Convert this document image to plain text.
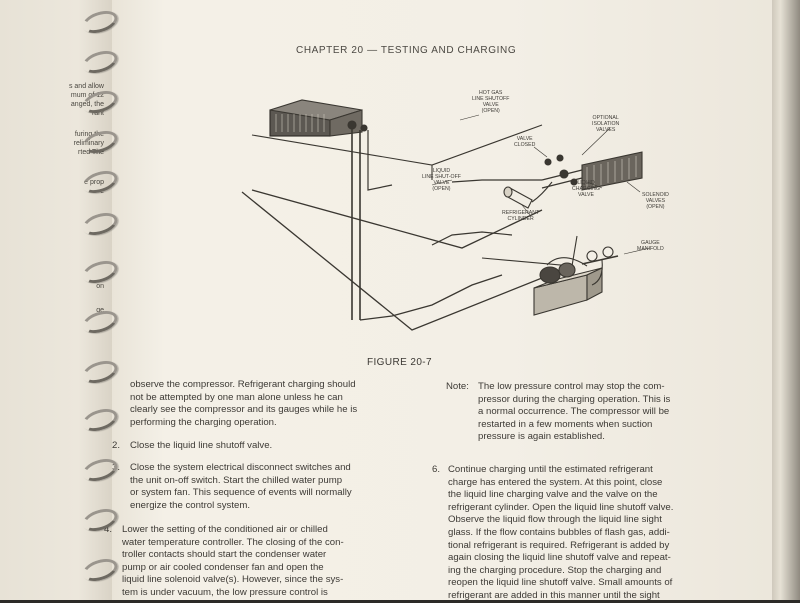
s and allow
mum of 12
anged, the
rant
furing the
reliminary
rted The
e prop
e
on
ge
CHAPTER 20 — TESTING AND CHARGING
HOT GAS
LINE SHUTOFF
VALVE
(OPEN)
OPTIONAL
ISOLATION
VALVES
VALVE
CLOSED
LIQUID
LINE SHUT-OFF
VALVE
(OPEN)
LIQUID
CHARGING
VALVE	SOLENOID
VALVES
(OPEN)
REFRIGERANT
CYLINDER
GAUGE
MANIFOLD
FIGURE 20-7
observe the compressor. Refrigerant charging should
not be attempted by one man alone unless he can
clearly see the compressor and its gauges while he is
performing the charging operation.
2. Close the liquid line shutoff valve.
3. Close the system electrical disconnect switches and
the unit on-off switch. Start the chilled water pump
or system fan. This sequence of events will normally
energize the control system.
4. Lower the setting of the conditioned air or chilled
water temperature controller. The closing of the con-
troller contacts should start the condenser water
pump or air cooled condenser fan and open the
liquid line solenoid valve(s). However, since the sys-
tem is under vacuum, the low pressure control is
Note: The low pressure control may stop the com-
pressor during the charging operation. This is
a normal occurrence. The compressor will be
restarted in a few moments when suction
pressure is again established.
6. Continue charging until the estimated refrigerant
charge has entered the system. At this point, close
the liquid line charging valve and the valve on the
refrigerant cylinder. Open the liquid line shutoff valve.
Observe the liquid flow through the liquid line sight
glass. If the flow contains bubbles of flash gas, addi-
tional refrigerant is required. Refrigerant is added by
again closing the liquid line shutoff valve and repeat-
ing the charging procedure. Stop the charging and
reopen the liquid line shutoff valve. Small amounts of
refrigerant are added in this manner until the sight
